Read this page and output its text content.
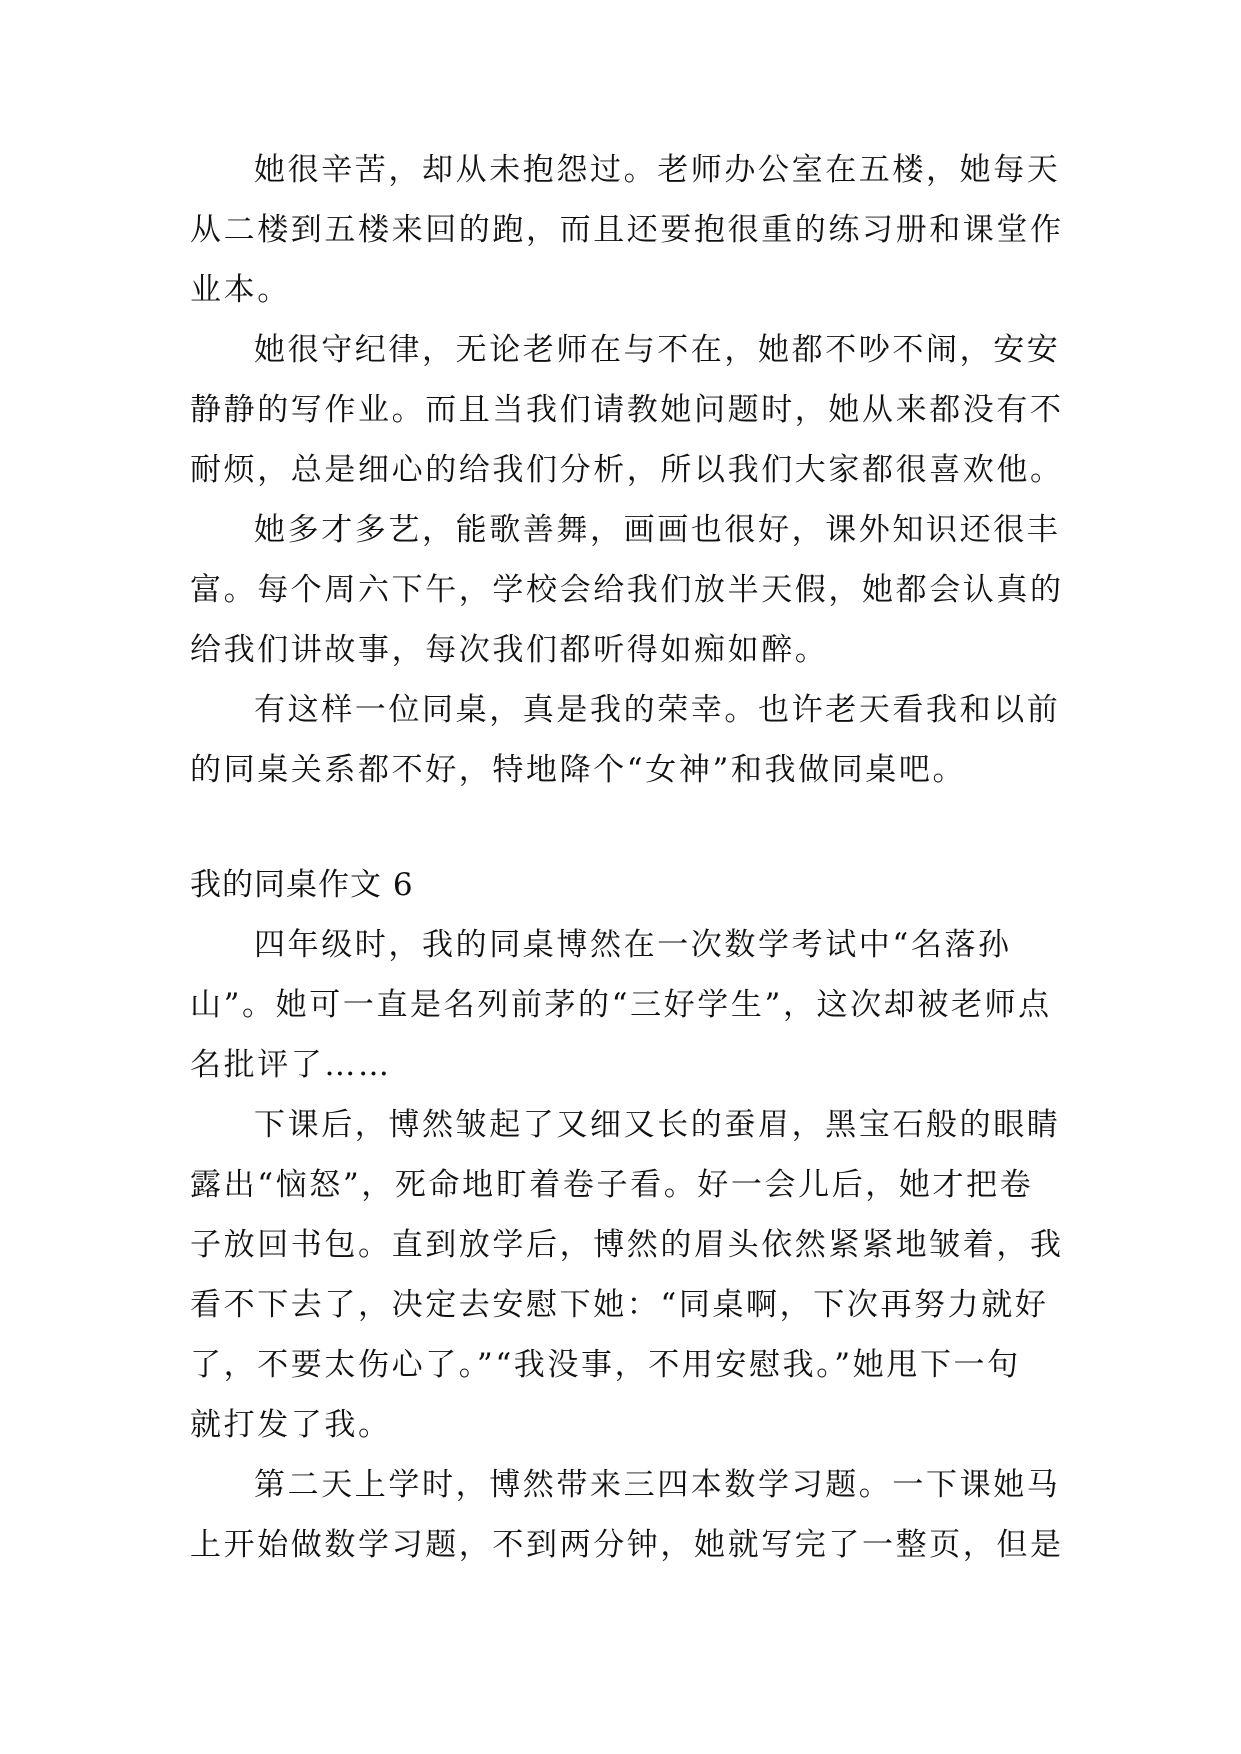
她很辛苦，却从未抱怨过。老师办公室在五楼，她每天
从二楼到五楼来回的跑，而且还要抱很重的练习册和课堂作
业本。
她很守纪律，无论老师在与不在，她都不吵不闹，安安
静静的写作业。而且当我们请教她问题时，她从来都没有不
耐烦，总是细心的给我们分析，所以我们大家都很喜欢他。
她多才多艺，能歌善舞，画画也很好，课外知识还很丰
富。每个周六下午，学校会给我们放半天假，她都会认真的
给我们讲故事，每次我们都听得如痴如醉。
有这样一位同桌，真是我的荣幸。也许老天看我和以前
的同桌关系都不好，特地降个“女神”和我做同桌吧。
我的同桌作文 6
四年级时，我的同桌博然在一次数学考试中“名落孙
山”。她可一直是名列前茅的“三好学生”，这次却被老师点
名批评了……
下课后，博然皱起了又细又长的蚕眉，黑宝石般的眼睛
露出“恼怒”，死命地盯着卷子看。好一会儿后，她才把卷
子放回书包。直到放学后，博然的眉头依然紧紧地皱着，我
看不下去了，决定去安慰下她：“同桌啊，下次再努力就好
了，不要太伤心了。”“我没事，不用安慰我。”她甩下一句
就打发了我。
第二天上学时，博然带来三四本数学习题。一下课她马
上开始做数学习题，不到两分钟，她就写完了一整页，但是
